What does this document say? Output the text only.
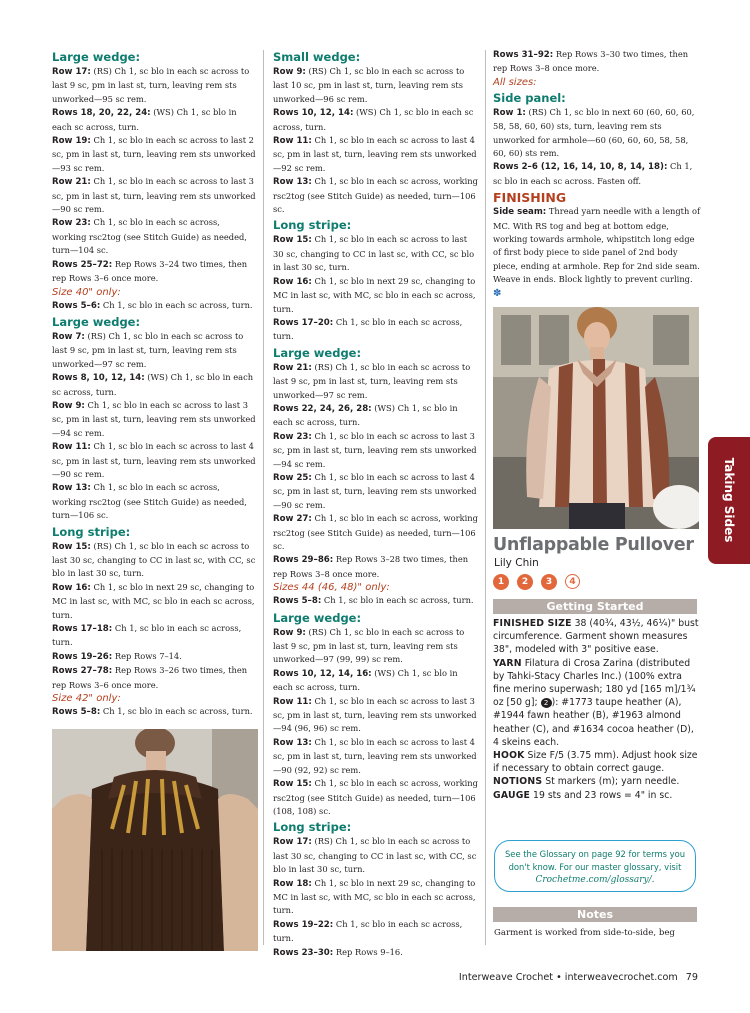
Large wedge:
Row 17: (RS) Ch 1, sc blo in each sc across to last 9 sc, pm in last st, turn, leaving rem sts unworked—95 sc rem.
Rows 18, 20, 22, 24: (WS) Ch 1, sc blo in each sc across, turn.
Row 19: Ch 1, sc blo in each sc across to last 2 sc, pm in last st, turn, leaving rem sts unworked—93 sc rem.
Row 21: Ch 1, sc blo in each sc across to last 3 sc, pm in last st, turn, leaving rem sts unworked—90 sc rem.
Row 23: Ch 1, sc blo in each sc across, working rsc2tog (see Stitch Guide) as needed, turn—104 sc.
Rows 25–72: Rep Rows 3–24 two times, then rep Rows 3–6 once more.
Size 40" only:
Rows 5–6: Ch 1, sc blo in each sc across, turn.
Large wedge:
Row 7: (RS) Ch 1, sc blo in each sc across to last 9 sc, pm in last st, turn, leaving rem sts unworked—97 sc rem.
Rows 8, 10, 12, 14: (WS) Ch 1, sc blo in each sc across, turn.
Row 9: Ch 1, sc blo in each sc across to last 3 sc, pm in last st, turn, leaving rem sts unworked—94 sc rem.
Row 11: Ch 1, sc blo in each sc across to last 4 sc, pm in last st, turn, leaving rem sts unworked—90 sc rem.
Row 13: Ch 1, sc blo in each sc across, working rsc2tog (see Stitch Guide) as needed, turn—106 sc.
Long stripe:
Row 15: (RS) Ch 1, sc blo in each sc across to last 30 sc, changing to CC in last sc, with CC, sc blo in last 30 sc, turn.
Row 16: Ch 1, sc blo in next 29 sc, changing to MC in last sc, with MC, sc blo in each sc across, turn.
Rows 17–18: Ch 1, sc blo in each sc across, turn.
Rows 19–26: Rep Rows 7–14.
Rows 27–78: Rep Rows 3–26 two times, then rep Rows 3–6 once more.
Size 42" only:
Rows 5–8: Ch 1, sc blo in each sc across, turn.
Small wedge:
Row 9: (RS) Ch 1, sc blo in each sc across to last 10 sc, pm in last st, turn, leaving rem sts unworked—96 sc rem.
Rows 10, 12, 14: (WS) Ch 1, sc blo in each sc across, turn.
Row 11: Ch 1, sc blo in each sc across to last 4 sc, pm in last st, turn, leaving rem sts unworked—92 sc rem.
Row 13: Ch 1, sc blo in each sc across, working rsc2tog (see Stitch Guide) as needed, turn—106 sc.
Long stripe:
Row 15: Ch 1, sc blo in each sc across to last 30 sc, changing to CC in last sc, with CC, sc blo in last 30 sc, turn.
Row 16: Ch 1, sc blo in next 29 sc, changing to MC in last sc, with MC, sc blo in each sc across, turn.
Rows 17–20: Ch 1, sc blo in each sc across, turn.
Large wedge:
Row 21: (RS) Ch 1, sc blo in each sc across to last 9 sc, pm in last st, turn, leaving rem sts unworked—97 sc rem.
Rows 22, 24, 26, 28: (WS) Ch 1, sc blo in each sc across, turn.
Row 23: Ch 1, sc blo in each sc across to last 3 sc, pm in last st, turn, leaving rem sts unworked—94 sc rem.
Row 25: Ch 1, sc blo in each sc across to last 4 sc, pm in last st, turn, leaving rem sts unworked—90 sc rem.
Row 27: Ch 1, sc blo in each sc across, working rsc2tog (see Stitch Guide) as needed, turn—106 sc.
Rows 29–86: Rep Rows 3–28 two times, then rep Rows 3–8 once more.
Sizes 44 (46, 48)" only:
Rows 5–8: Ch 1, sc blo in each sc across, turn.
Large wedge:
Row 9: (RS) Ch 1, sc blo in each sc across to last 9 sc, pm in last st, turn, leaving rem sts unworked—97 (99, 99) sc rem.
Rows 10, 12, 14, 16: (WS) Ch 1, sc blo in each sc across, turn.
Row 11: Ch 1, sc blo in each sc across to last 3 sc, pm in last st, turn, leaving rem sts unworked—94 (96, 96) sc rem.
Row 13: Ch 1, sc blo in each sc across to last 4 sc, pm in last st, turn, leaving rem sts unworked—90 (92, 92) sc rem.
Row 15: Ch 1, sc blo in each sc across, working rsc2tog (see Stitch Guide) as needed, turn—106 (108, 108) sc.
Long stripe:
Row 17: (RS) Ch 1, sc blo in each sc across to last 30 sc, changing to CC in last sc, with CC, sc blo in last 30 sc, turn.
Row 18: Ch 1, sc blo in next 29 sc, changing to MC in last sc, with MC, sc blo in each sc across, turn.
Rows 19–22: Ch 1, sc blo in each sc across, turn.
Rows 23–30: Rep Rows 9–16.
Rows 31–92: Rep Rows 3–30 two times, then rep Rows 3–8 once more.
All sizes:
Side panel:
Row 1: (RS) Ch 1, sc blo in next 60 (60, 60, 60, 58, 58, 60, 60) sts, turn, leaving rem sts unworked for armhole—60 (60, 60, 60, 58, 58, 60, 60) sts rem.
Rows 2–6 (12, 16, 14, 10, 8, 14, 18): Ch 1, sc blo in each sc across. Fasten off.
FINISHING
Side seam: Thread yarn needle with a length of MC. With RS tog and beg at bottom edge, working towards armhole, whipstitch long edge of first body piece to side panel of 2nd body piece, ending at armhole. Rep for 2nd side seam. Weave in ends. Block lightly to prevent curling. ✽
Unflappable Pullover
Lily Chin
1	2	3	4
Getting Started
FINISHED SIZE 38 (40¾, 43½, 46¼)" bust circumference. Garment shown measures 38", modeled with 3" positive ease.
YARN Filatura di Crosa Zarina (distributed by Tahki-Stacy Charles Inc.) (100% extra fine merino superwash; 180 yd [165 m]/1¾ oz [50 g]; 2 ): #1773 taupe heather (A), #1944 fawn heather (B), #1963 almond heather (C), and #1634 cocoa heather (D), 4 skeins each.
HOOK Size F/5 (3.75 mm). Adjust hook size if necessary to obtain correct gauge.
NOTIONS St markers (m); yarn needle.
GAUGE 19 sts and 23 rows = 4" in sc.
See the Glossary on page 92 for terms you don't know. For our master glossary, visit Crochetme.com/glossary/.
Notes
Garment is worked from side-to-side, beg
Taking Sides
Interweave Crochet • interweavecrochet.com 79
